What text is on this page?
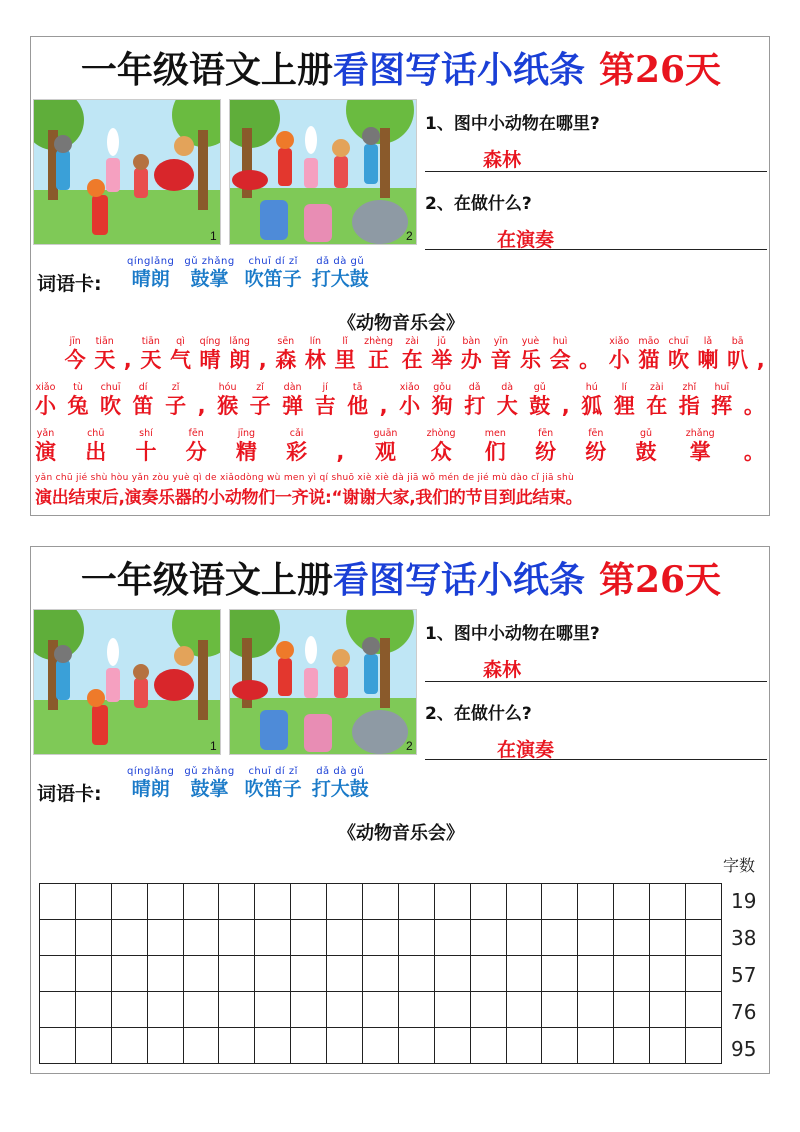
一年级语文上册看图写话小纸条 第26天
1	2
1、图中小动物在哪里?
森林
2、在做什么?
在演奏
词语卡:
qínglǎng
晴朗
gǔ zhǎng
鼓掌
chuī dí zǐ
吹笛子
dǎ dà gǔ
打大鼓
《动物音乐会》

jīn
今
tiān
天 ,
tiān
天
qì
气
qíng
晴
lǎng
朗 ,
sēn
森
lín
林
lǐ
里
zhèng
正
zài
在
jǔ
举
bàn
办
yīn
音
yuè
乐
huì
会 。
xiǎo
小
māo
猫
chuī
吹
lǎ
喇
bā
叭 ,
xiǎo
小
tù
兔
chuī
吹
dí
笛
zǐ
子 ,
hóu
猴
zǐ
子
dàn
弹
jí
吉
tā
他 ,
xiǎo
小
gǒu
狗
dǎ
打
dà
大
gǔ
鼓 ,
hú
狐
lí
狸
zài
在
zhǐ
指
huī
挥 。
yǎn
演
chū
出
shí
十
fēn
分
jīng
精
cǎi
彩 ,
guān
观
zhòng
众
men
们
fēn
纷
fēn
纷
gǔ
鼓
zhǎng
掌 。
yǎn chū jié shù hòu yǎn zòu yuè qì de xiǎodòng wù men yì qí shuō xiè xiè dà jiā wǒ mén de jié mù dào cǐ jiā shù
演出结束后,演奏乐器的小动物们一齐说:“谢谢大家,我们的节目到此结束。
一年级语文上册看图写话小纸条 第26天
1	2
1、图中小动物在哪里?
森林
2、在做什么?
在演奏
词语卡:
qínglǎng
晴朗
gǔ zhǎng
鼓掌
chuī dí zǐ
吹笛子
dǎ dà gǔ
打大鼓
《动物音乐会》
字数

19
38
57
76
95
